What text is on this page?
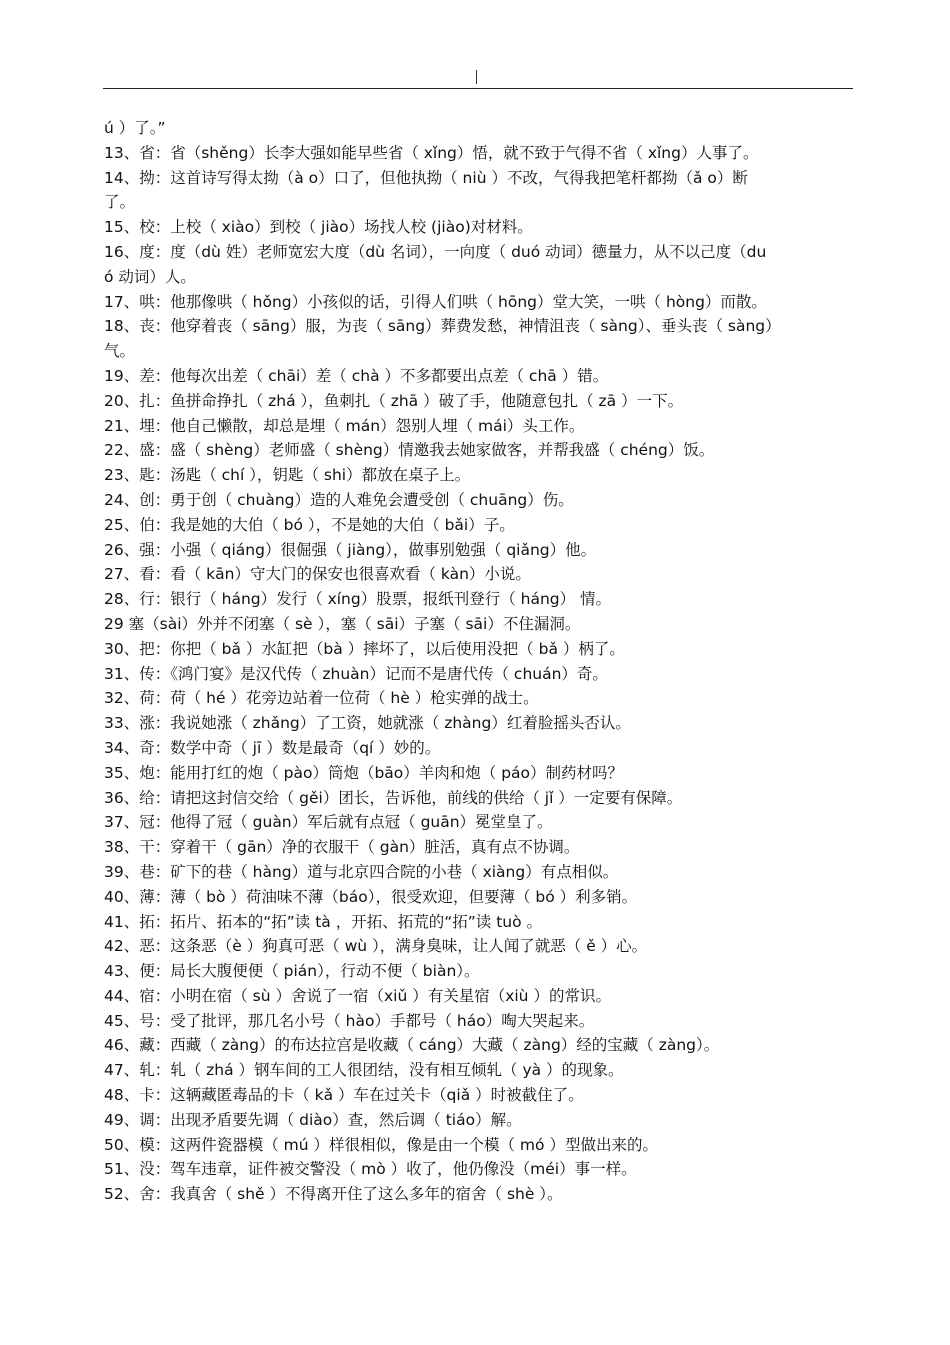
ú ）了。”
13、省：省（shěng）长李大强如能早些省（ xǐng）悟，就不致于气得不省（ xǐng）人事了。
14、拗：这首诗写得太拗（à o）口了，但他执拗（ niù ）不改，气得我把笔杆都拗（ǎ o）断
了。
15、校：上校（ xiào）到校（ jiào）场找人校 (jiào)对材料。
16、度：度（dù 姓）老师宽宏大度（dù 名词），一向度（ duó 动词）德量力，从不以己度（du
ó 动词）人。
17、哄：他那像哄（ hǒng）小孩似的话，引得人们哄（ hōng）堂大笑，一哄（ hòng）而散。
18、丧：他穿着丧（ sāng）服，为丧（ sāng）葬费发愁，神情沮丧（ sàng）、垂头丧（ sàng）
气。
19、差：他每次出差（ chāi）差（ chà ）不多都要出点差（ chā ）错。
20、扎：鱼拼命挣扎（ zhá ），鱼刺扎（ zhā ）破了手，他随意包扎（ zā ）一下。
21、埋：他自己懒散，却总是埋（ mán）怨别人埋（ mái）头工作。
22、盛：盛（ shèng）老师盛（ shèng）情邀我去她家做客，并帮我盛（ chéng）饭。
23、匙：汤匙（ chí ），钥匙（ shi）都放在桌子上。
24、创：勇于创（ chuàng）造的人难免会遭受创（ chuāng）伤。
25、伯：我是她的大伯（ bó ），不是她的大伯（ bǎi）子。
26、强：小强（ qiáng）很倔强（ jiàng），做事别勉强（ qiǎng）他。
27、看：看（ kān）守大门的保安也很喜欢看（ kàn）小说。
28、行：银行（ háng）发行（ xíng）股票，报纸刊登行（ háng） 情。
29 塞（sài）外并不闭塞（ sè ），塞（ sāi）子塞（ sāi）不住漏洞。
30、把：你把（ bǎ ）水缸把（bà ）摔坏了，以后使用没把（ bǎ ）柄了。
31、传：《鸿门宴》是汉代传（ zhuàn）记而不是唐代传（ chuán）奇。
32、荷：荷（ hé ）花旁边站着一位荷（ hè ）枪实弹的战士。
33、涨：我说她涨（ zhǎng）了工资，她就涨（ zhàng）红着脸摇头否认。
34、奇：数学中奇（ jī ）数是最奇（qí ）妙的。
35、炮：能用打红的炮（ pào）筒炮（bāo）羊肉和炮（ páo）制药材吗？
36、给：请把这封信交给（ gěi）团长，告诉他，前线的供给（ jǐ ）一定要有保障。
37、冠：他得了冠（ guàn）军后就有点冠（ guān）冕堂皇了。
38、干：穿着干（ gān）净的衣服干（ gàn）脏活，真有点不协调。
39、巷：矿下的巷（ hàng）道与北京四合院的小巷（ xiàng）有点相似。
40、薄：薄（ bò ）荷油味不薄（báo），很受欢迎，但要薄（ bó ）利多销。
41、拓：拓片、拓本的“拓”读 tà ，开拓、拓荒的“拓”读 tuò 。
42、恶：这条恶（è ）狗真可恶（ wù ），满身臭味，让人闻了就恶（ ě ）心。
43、便：局长大腹便便（ pián），行动不便（ biàn）。
44、宿：小明在宿（ sù ）舍说了一宿（xiǔ ）有关星宿（xiù ）的常识。
45、号：受了批评，那几名小号（ hào）手都号（ háo）啕大哭起来。
46、藏：西藏（ zàng）的布达拉宫是收藏（ cáng）大藏（ zàng）经的宝藏（ zàng）。
47、轧：轧（ zhá ）钢车间的工人很团结，没有相互倾轧（ yà ）的现象。
48、卡：这辆藏匿毒品的卡（ kǎ ）车在过关卡（qiǎ ）时被截住了。
49、调：出现矛盾要先调（ diào）查，然后调（ tiáo）解。
50、模：这两件瓷器模（ mú ）样很相似，像是由一个模（ mó ）型做出来的。
51、没：驾车违章，证件被交警没（ mò ）收了，他仍像没（méi）事一样。
52、舍：我真舍（ shě ）不得离开住了这么多年的宿舍（ shè ）。
